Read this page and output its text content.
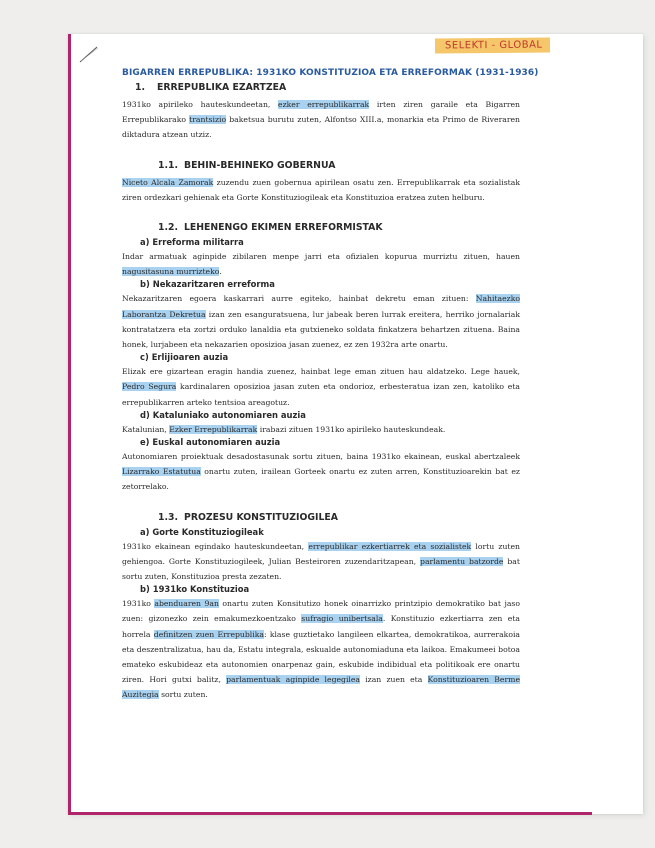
SELEKTI - GLOBAL
BIGARREN ERREPUBLIKA: 1931KO KONSTITUZIOA ETA ERREFORMAK (1931-1936)
1. ERREPUBLIKA EZARTZEA

1931ko apirileko hauteskundeetan, ezker errepublikarrak irten ziren garaile eta Bigarren Errepublikarako trantsizio baketsua burutu zuten, Alfontso XIII.a, monarkia eta Primo de Riveraren diktadura atzean utziz.

1.1. BEHIN-BEHINEKO GOBERNUA

Niceto Alcala Zamorak zuzendu zuen gobernua apirilean osatu zen. Errepublikarrak eta sozialistak ziren ordezkari gehienak eta Gorte Konstituziogileak eta Konstituzioa eratzea zuten helburu.

1.2. LEHENENGO EKIMEN ERREFORMISTAK
a) Erreforma militarra

Indar armatuak aginpide zibilaren menpe jarri eta ofizialen kopurua murriztu zituen, hauen nagusitasuna murrizteko.

b) Nekazaritzaren erreforma

Nekazaritzaren egoera kaskarrari aurre egiteko, hainbat dekretu eman zituen: Nahitaezko Laborantza Dekretua izan zen esanguratsuena, lur jabeak beren lurrak ereitera, herriko jornalariak kontratatzera eta zortzi orduko lanaldia eta gutxieneko soldata finkatzera behartzen zituena. Baina honek, lurjabeen eta nekazarien oposizioa jasan zuenez, ez zen 1932ra arte onartu.

c) Erlijioaren auzia

Elizak ere gizartean eragin handia zuenez, hainbat lege eman zituen hau aldatzeko. Lege hauek, Pedro Segura kardinalaren oposizioa jasan zuten eta ondorioz, erbesteratua izan zen, katoliko eta errepublikarren arteko tentsioa areagotuz.

d) Kataluniako autonomiaren auzia

Katalunian, Ezker Errepublikarrak irabazi zituen 1931ko apirileko hauteskundeak.

e) Euskal autonomiaren auzia

Autonomiaren proiektuak desadostasunak sortu zituen, baina 1931ko ekainean, euskal abertzaleek Lizarrako Estatutua onartu zuten, irailean Gorteek onartu ez zuten arren, Konstituzioarekin bat ez zetorrelako.

1.3. PROZESU KONSTITUZIOGILEA
a) Gorte Konstituziogileak

1931ko ekainean egindako hauteskundeetan, errepublikar ezkertiarrek eta sozialistek lortu zuten gehiengoa. Gorte Konstituziogileek, Julian Besteiroren zuzendaritzapean, parlamentu batzorde bat sortu zuten, Konstituzioa presta zezaten.

b) 1931ko Konstituzioa

1931ko abenduaren 9an onartu zuten Konsitutizo honek oinarrizko printzipio demokratiko bat jaso zuen: gizonezko zein emakumezkoentzako sufragio unibertsala. Konstituzio ezkertiarra zen eta horrela definitzen zuen Errepublika: klase guztietako langileen elkartea, demokratikoa, aurrerakoia eta deszentralizatua, hau da, Estatu integrala, eskualde autonomiaduna eta laikoa. Emakumeei botoa emateko eskubideaz eta autonomien onarpenaz gain, eskubide indibidual eta politikoak ere onartu ziren. Hori gutxi balitz, parlamentuak aginpide legegilea izan zuen eta Konstituzioaren Berme Auzitegia sortu zuten.
